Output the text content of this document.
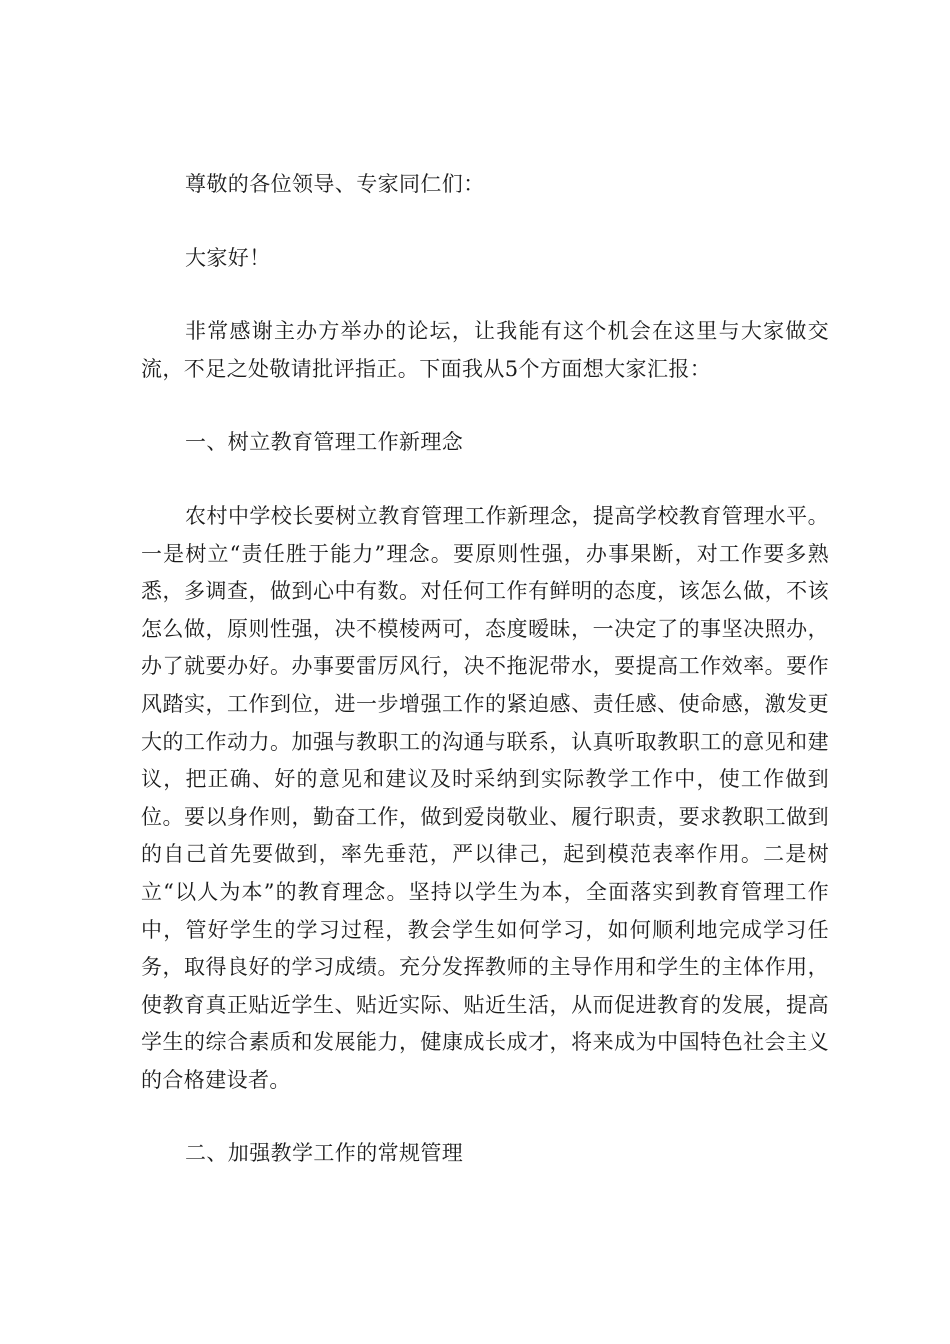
尊敬的各位领导、专家同仁们：

大家好！

非常感谢主办方举办的论坛，让我能有这个机会在这里与大家做交流，不足之处敬请批评指正。下面我从5个方面想大家汇报：

一、树立教育管理工作新理念

农村中学校长要树立教育管理工作新理念，提高学校教育管理水平。一是树立“责任胜于能力”理念。要原则性强，办事果断，对工作要多熟悉，多调查，做到心中有数。对任何工作有鲜明的态度，该怎么做，不该怎么做，原则性强，决不模棱两可，态度暧昧，一决定了的事坚决照办，办了就要办好。办事要雷厉风行，决不拖泥带水，要提高工作效率。要作风踏实，工作到位，进一步增强工作的紧迫感、责任感、使命感，激发更大的工作动力。加强与教职工的沟通与联系，认真听取教职工的意见和建议，把正确、好的意见和建议及时采纳到实际教学工作中，使工作做到位。要以身作则，勤奋工作，做到爱岗敬业、履行职责，要求教职工做到的自己首先要做到，率先垂范，严以律己，起到模范表率作用。二是树立“以人为本”的教育理念。坚持以学生为本，全面落实到教育管理工作中，管好学生的学习过程，教会学生如何学习，如何顺利地完成学习任务，取得良好的学习成绩。充分发挥教师的主导作用和学生的主体作用，使教育真正贴近学生、贴近实际、贴近生活，从而促进教育的发展，提高学生的综合素质和发展能力，健康成长成才，将来成为中国特色社会主义的合格建设者。

二、加强教学工作的常规管理
